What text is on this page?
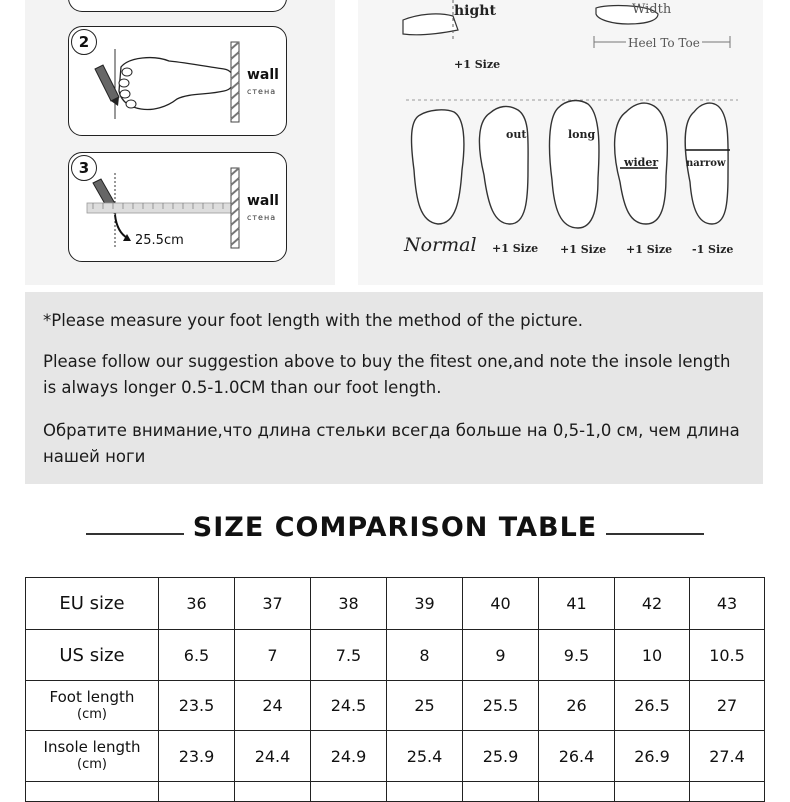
2
wall
стена
3
25.5cm
wall
стена
hight
+1 Size
Width
Heel To Toe
out	long
wider	narrow
Normal +1 Size +1 Size +1 Size -1 Size

*Please measure your foot length with the method of the picture.

Please follow our suggestion above to buy the fitest one,and note the insole length is always longer 0.5-1.0CM than our foot length.

Обратите внимание,что длина стельки всегда больше на 0,5-1,0 см, чем длина нашей ноги

SIZE COMPARISON TABLE
EU size	36	37	38	39	40	41	42	43
US size	6.5	7	7.5	8	9	9.5	10	10.5
Foot length
(cm)	23.5	24	24.5	25	25.5	26	26.5	27
Insole length
(cm)	23.9	24.4	24.9	25.4	25.9	26.4	26.9	27.4
